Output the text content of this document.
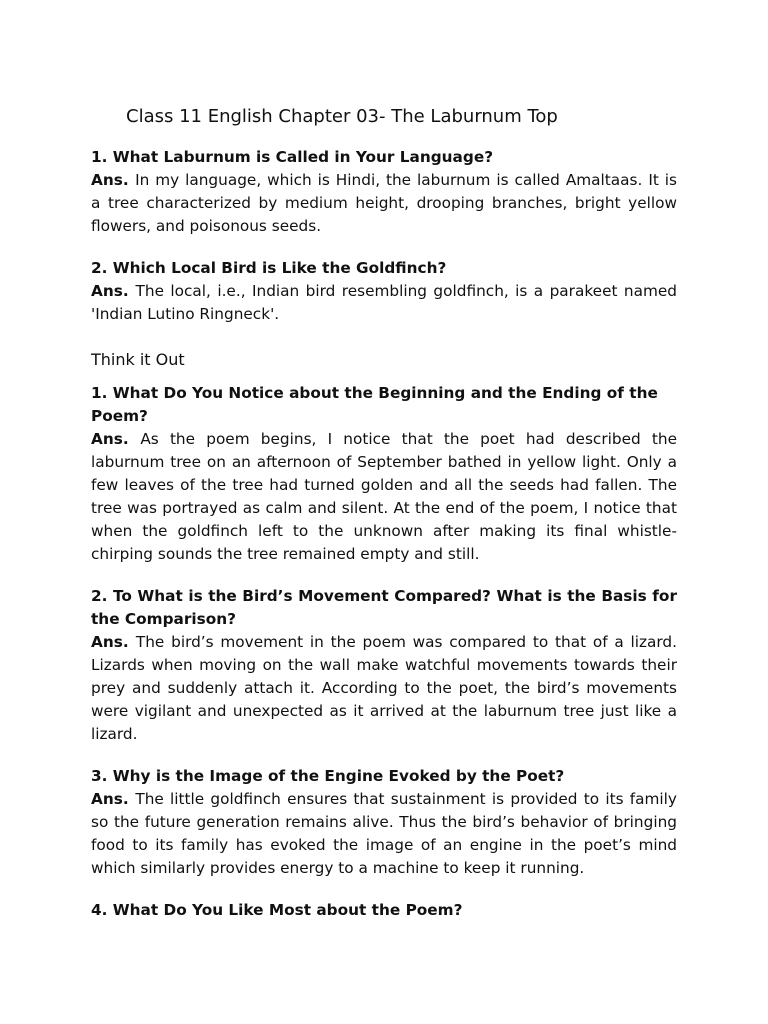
Class 11 English Chapter 03- The Laburnum Top
1. What Laburnum is Called in Your Language?
Ans. In my language, which is Hindi, the laburnum is called Amaltaas. It is a tree characterized by medium height, drooping branches, bright yellow flowers, and poisonous seeds.
2. Which Local Bird is Like the Goldfinch?
Ans. The local, i.e., Indian bird resembling goldfinch, is a parakeet named 'Indian Lutino Ringneck'.
Think it Out
1. What Do You Notice about the Beginning and the Ending of the Poem?
Ans. As the poem begins, I notice that the poet had described the laburnum tree on an afternoon of September bathed in yellow light. Only a few leaves of the tree had turned golden and all the seeds had fallen. The tree was portrayed as calm and silent. At the end of the poem, I notice that when the goldfinch left to the unknown after making its final whistle-chirping sounds the tree remained empty and still.
2. To What is the Bird’s Movement Compared? What is the Basis for the Comparison?
Ans. The bird’s movement in the poem was compared to that of a lizard. Lizards when moving on the wall make watchful movements towards their prey and suddenly attach it. According to the poet, the bird’s movements were vigilant and unexpected as it arrived at the laburnum tree just like a lizard.
3. Why is the Image of the Engine Evoked by the Poet?
Ans. The little goldfinch ensures that sustainment is provided to its family so the future generation remains alive. Thus the bird’s behavior of bringing food to its family has evoked the image of an engine in the poet’s mind which similarly provides energy to a machine to keep it running.
4. What Do You Like Most about the Poem?
